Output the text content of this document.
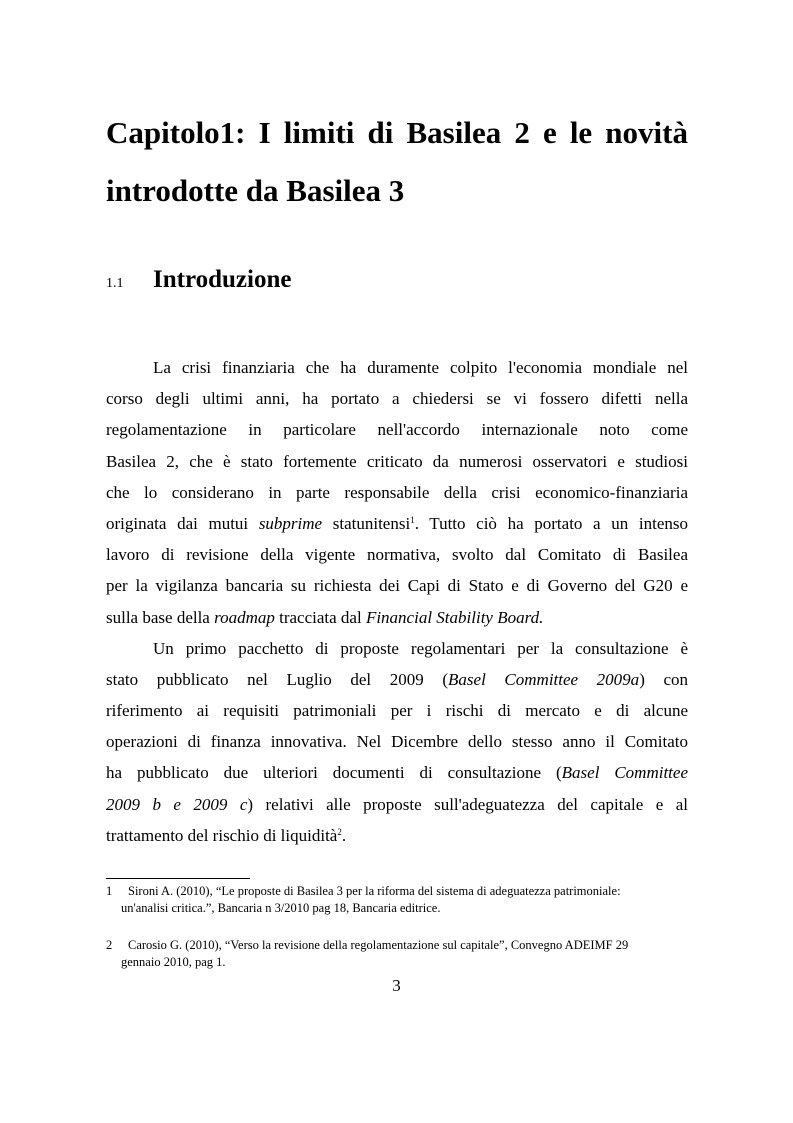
Capitolo1: I limiti di Basilea 2 e le novità
introdotte da Basilea 3
1.1 Introduzione
La crisi finanziaria che ha duramente colpito l'economia mondiale nel
corso degli ultimi anni, ha portato a chiedersi se vi fossero difetti nella
regolamentazione in particolare nell'accordo internazionale noto come
Basilea 2, che è stato fortemente criticato da numerosi osservatori e studiosi
che lo considerano in parte responsabile della crisi economico-finanziaria
originata dai mutui subprime statunitensi$^1$. Tutto ciò ha portato a un intenso
lavoro di revisione della vigente normativa, svolto dal Comitato di Basilea
per la vigilanza bancaria su richiesta dei Capi di Stato e di Governo del G20 e
sulla base della roadmap tracciata dal Financial Stability Board.
Un primo pacchetto di proposte regolamentari per la consultazione è
stato pubblicato nel Luglio del 2009 (Basel Committee 2009a) con
riferimento ai requisiti patrimoniali per i rischi di mercato e di alcune
operazioni di finanza innovativa. Nel Dicembre dello stesso anno il Comitato
ha pubblicato due ulteriori documenti di consultazione (Basel Committee
2009 b e 2009 c) relativi alle proposte sull'adeguatezza del capitale e al
trattamento del rischio di liquidità$^2$.
1 Sironi A. (2010), “Le proposte di Basilea 3 per la riforma del sistema di adeguatezza patrimoniale:
un'analisi critica.”, Bancaria n 3/2010 pag 18, Bancaria editrice.
2 Carosio G. (2010), “Verso la revisione della regolamentazione sul capitale”, Convegno ADEIMF 29
gennaio 2010, pag 1.
3
